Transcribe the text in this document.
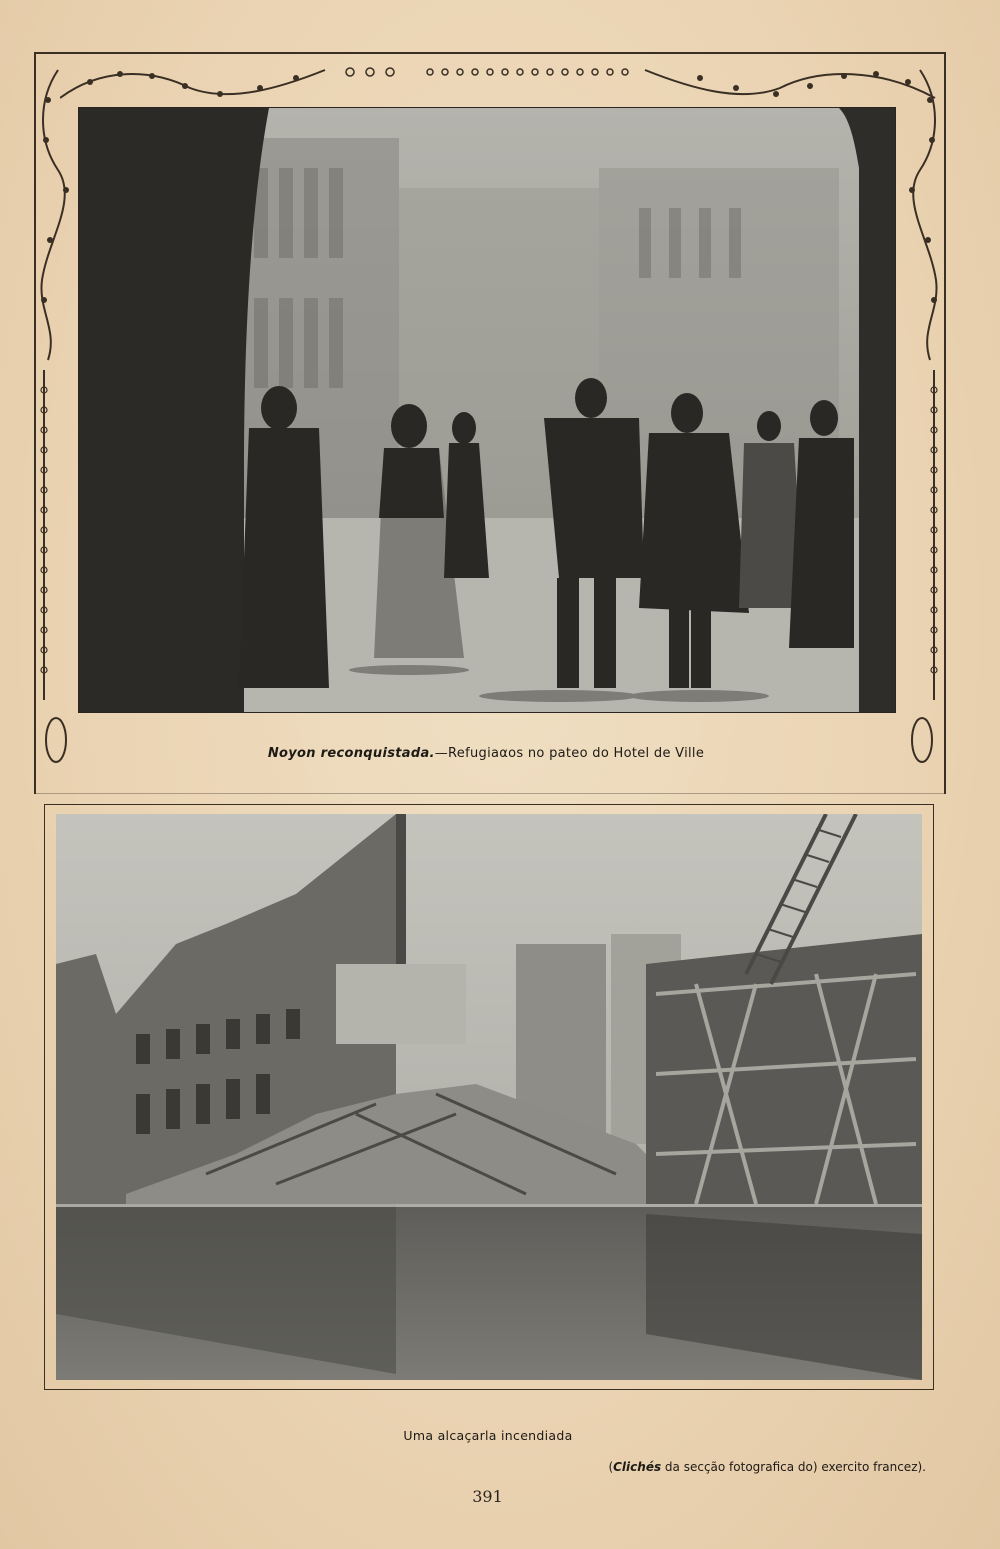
Noyon reconquistada.—Refugiaαos no pateo do Hotel de Ville
Uma alcaçarla incendiada
(Clichés da secção fotografica do) exercito francez).
391
